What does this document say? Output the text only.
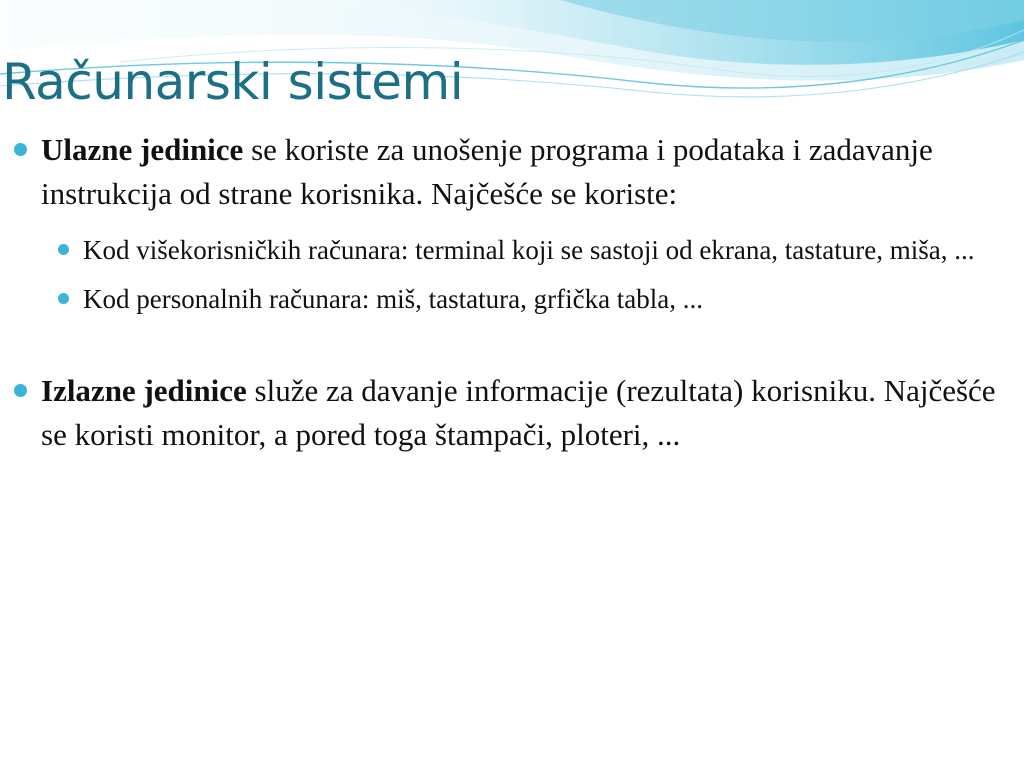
Računarski sistemi
Ulazne jedinice se koriste za unošenje programa i podataka i zadavanje instrukcija od strane korisnika. Najčešće se koriste:
Kod višekorisničkih računara: terminal koji se sastoji od ekrana, tastature, miša, ...
Kod personalnih računara: miš, tastatura, grfička tabla, ...
Izlazne jedinice služe za davanje informacije (rezultata) korisniku. Najčešće se koristi monitor, a pored toga štampači, ploteri, ...
